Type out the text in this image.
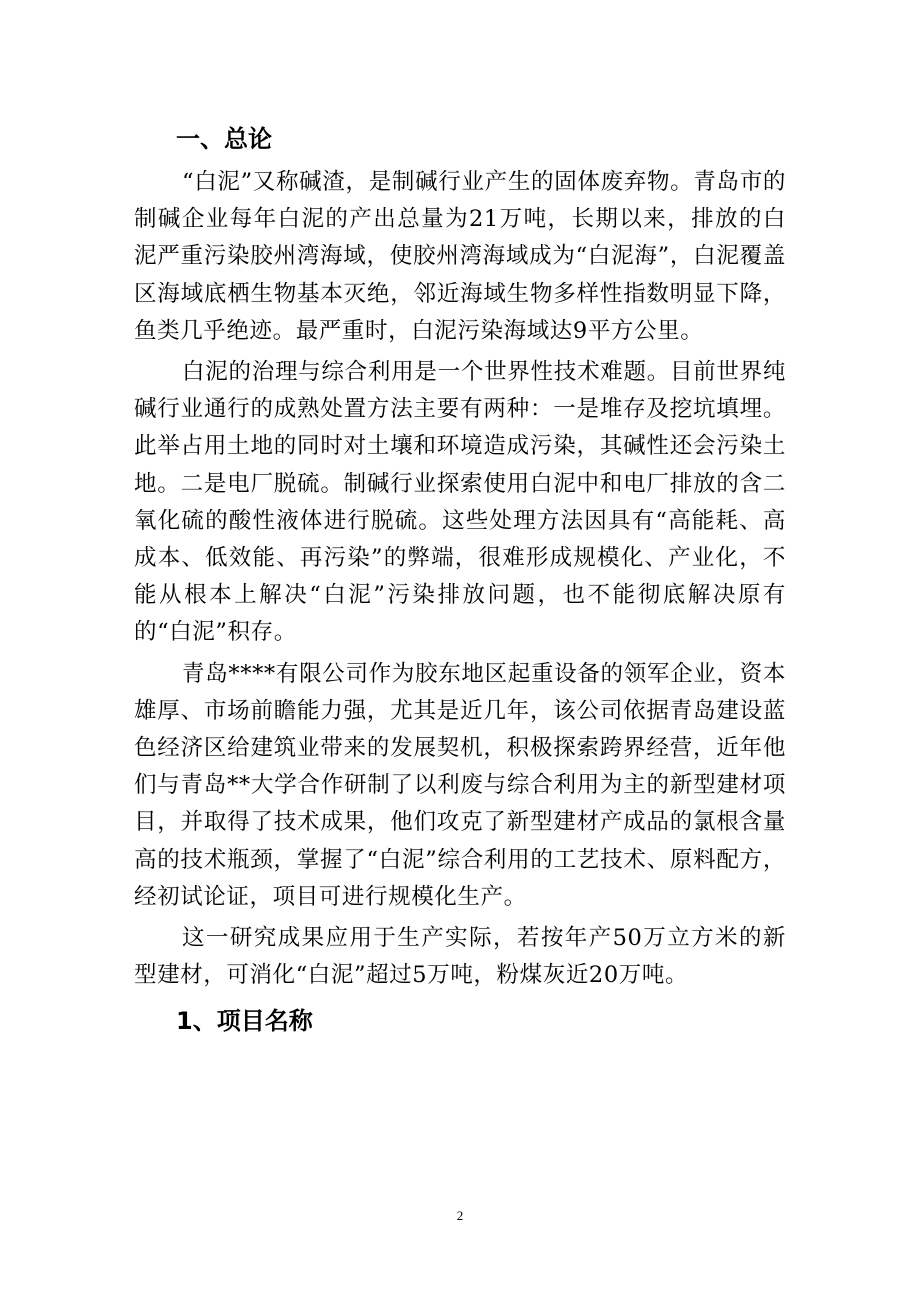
一、总论

“白泥”又称碱渣，是制碱行业产生的固体废弃物。青岛市的制碱企业每年白泥的产出总量为21万吨，长期以来，排放的白泥严重污染胶州湾海域，使胶州湾海域成为“白泥海”，白泥覆盖区海域底栖生物基本灭绝，邻近海域生物多样性指数明显下降，鱼类几乎绝迹。最严重时，白泥污染海域达9平方公里。

白泥的治理与综合利用是一个世界性技术难题。目前世界纯碱行业通行的成熟处置方法主要有两种：一是堆存及挖坑填埋。此举占用土地的同时对土壤和环境造成污染，其碱性还会污染土地。二是电厂脱硫。制碱行业探索使用白泥中和电厂排放的含二氧化硫的酸性液体进行脱硫。这些处理方法因具有“高能耗、高成本、低效能、再污染”的弊端，很难形成规模化、产业化，不能从根本上解决“白泥”污染排放问题，也不能彻底解决原有的“白泥”积存。

青岛****有限公司作为胶东地区起重设备的领军企业，资本雄厚、市场前瞻能力强，尤其是近几年，该公司依据青岛建设蓝色经济区给建筑业带来的发展契机，积极探索跨界经营，近年他们与青岛**大学合作研制了以利废与综合利用为主的新型建材项目，并取得了技术成果，他们攻克了新型建材产成品的氯根含量高的技术瓶颈，掌握了“白泥”综合利用的工艺技术、原料配方，经初试论证，项目可进行规模化生产。

这一研究成果应用于生产实际，若按年产50万立方米的新型建材，可消化“白泥”超过5万吨，粉煤灰近20万吨。

1、项目名称
2
